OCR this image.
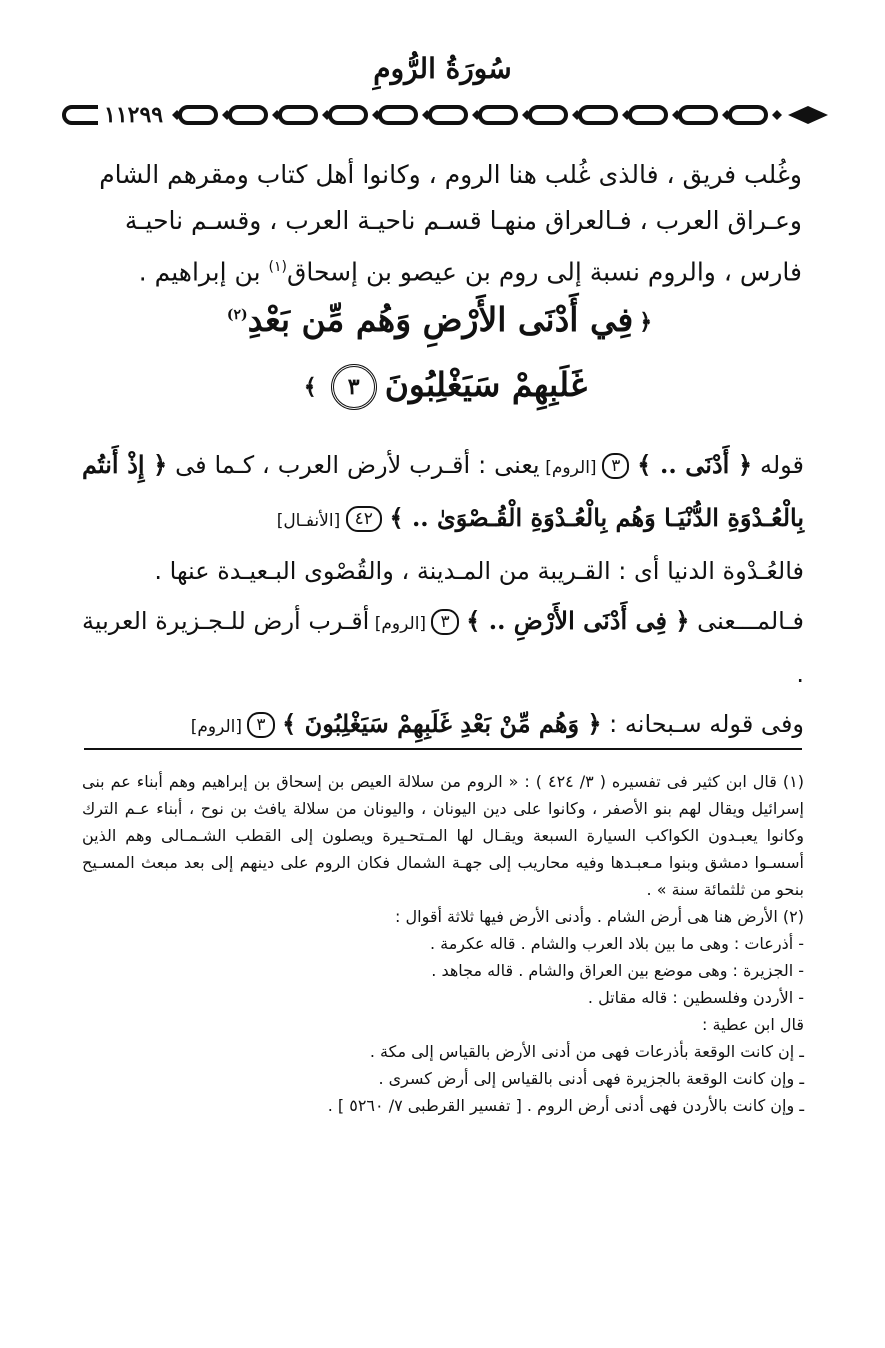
سُورَةُ الرُّومِ
١١٢٩٩

وغُلب فريق ، فالذى غُلب هنا الروم ، وكانوا أهل كتاب ومقرهم الشام

وعـراق العرب ، فـالعراق منهـا قسـم ناحيـة العرب ، وقسـم ناحيـة

فارس ، والروم نسبة إلى روم بن عيصو بن إسحاق$^{(١)}$ بن إبراهيم .

﴿فِي أَدْنَى الأَرْضِ وَهُم مِّن بَعْدِ$^{(٢)}$
غَلَبِهِمْ سَيَغْلِبُونَ٣﴾

قوله ﴿ أَدْنَى .. ﴾ ٣ [الروم] يعنى : أقـرب لأرض العرب ، كـما فى ﴿ إِذْ أَنتُم بِالْعُـدْوَةِ الدُّنْيَـا وَهُم بِالْعُـدْوَةِ الْقُـصْوَىٰ .. ﴾ ٤٢ [الأنفـال]

فالعُـدْوة الدنيا أى : القـريبة من المـدينة ، والقُصْوى البـعيـدة عنها .

فـالمـــعنى ﴿ فِى أَدْنَى الأَرْضِ .. ﴾ ٣ [الروم] أقـرب أرض للـجـزيرة العربية .

وفى قوله سـبحانه : ﴿ وَهُم مِّنْ بَعْدِ غَلَبِهِمْ سَيَغْلِبُونَ ﴾ ٣ [الروم]

(١) قال ابن كثير فى تفسيره ( ٣/ ٤٢٤ ) : « الروم من سلالة العيص بن إسحاق بن إبراهيم وهم أبناء عم بنى إسرائيل ويقال لهم بنو الأصفر ، وكانوا على دين اليونان ، واليونان من سلالة يافث بن نوح ، أبناء عـم الترك وكانوا يعبـدون الكواكب السيارة السبعة ويقـال لها المـتحـيرة ويصلون إلى القطب الشـمـالى وهم الذين أسسـوا دمشق وبنوا مـعبـدها وفيه محاريب إلى جهـة الشمال فكان الروم على دينهم إلى بعد مبعث المسـيح بنحو من ثلثمائة سنة » .

(٢) الأرض هنا هى أرض الشام . وأدنى الأرض فيها ثلاثة أقوال :

- أذرعات : وهى ما بين بلاد العرب والشام . قاله عكرمة .

- الجزيرة : وهى موضع بين العراق والشام . قاله مجاهد .

- الأردن وفلسطين : قاله مقاتل .

قال ابن عطية :

ـ إن كانت الوقعة بأذرعات فهى من أدنى الأرض بالقياس إلى مكة .

ـ وإن كانت الوقعة بالجزيرة فهى أدنى بالقياس إلى أرض كسرى .

ـ وإن كانت بالأردن فهى أدنى أرض الروم . [ تفسير القرطبى ٧/ ٥٢٦٠ ] .
